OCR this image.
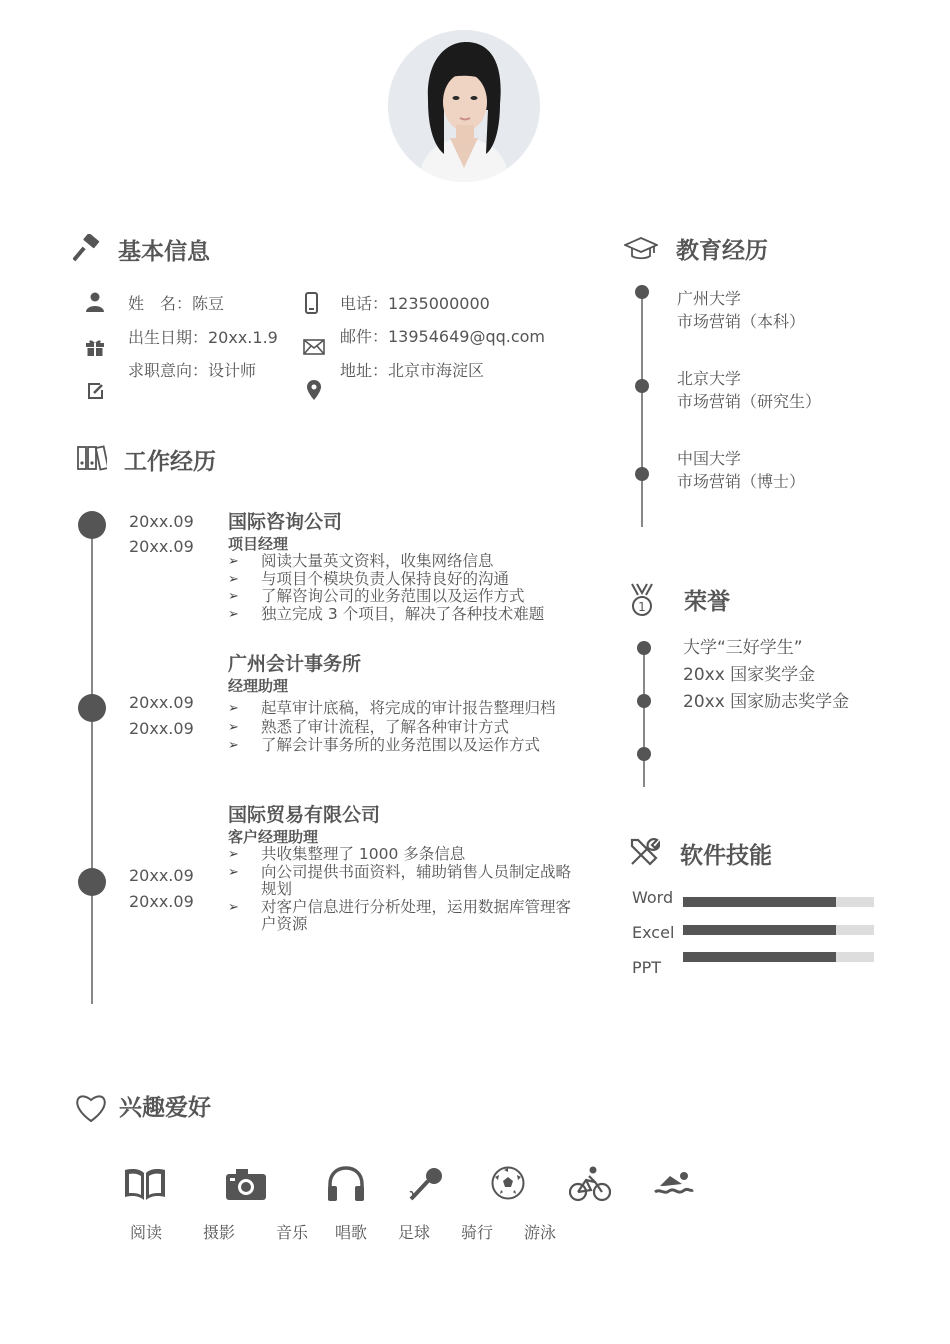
基本信息
姓　名：陈豆
出生日期：20xx.1.9
求职意向：设计师
电话：1235000000
邮件：13954649@qq.com
地址：北京市海淀区
工作经历
20xx.09
20xx.09
国际咨询公司
项目经理
➢ 阅读大量英文资料，收集网络信息
➢ 与项目个模块负责人保持良好的沟通
➢ 了解咨询公司的业务范围以及运作方式
➢ 独立完成 3 个项目，解决了各种技术难题
20xx.09
20xx.09
广州会计事务所
经理助理
➢ 起草审计底稿，将完成的审计报告整理归档
➢ 熟悉了审计流程，了解各种审计方式
➢ 了解会计事务所的业务范围以及运作方式
20xx.09
20xx.09
国际贸易有限公司
客户经理助理
➢ 共收集整理了 1000 多条信息
➢ 向公司提供书面资料，辅助销售人员制定战略规划
➢ 对客户信息进行分析处理，运用数据库管理客户资源
教育经历
广州大学
市场营销（本科）
北京大学
市场营销（研究生）
中国大学
市场营销（博士）
1 荣誉
大学“三好学生”
20xx 国家奖学金
20xx 国家励志奖学金
软件技能
Word
Excel
PPT
兴趣爱好
阅读	摄影	音乐 唱歌 足球 骑行 游泳
